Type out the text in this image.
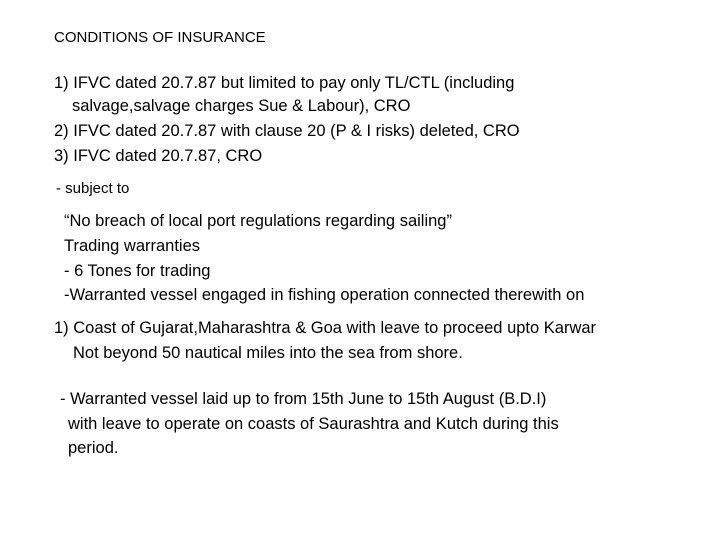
CONDITIONS OF INSURANCE
1) IFVC dated 20.7.87 but limited to pay only TL/CTL (including
salvage,salvage charges Sue & Labour), CRO
2) IFVC dated 20.7.87 with clause 20 (P & I risks) deleted, CRO
3) IFVC dated 20.7.87, CRO
- subject to
“No breach of local port regulations regarding sailing”
Trading warranties
- 6 Tones for trading
-Warranted vessel engaged in fishing operation connected therewith on
1) Coast of Gujarat,Maharashtra & Goa with leave to proceed upto Karwar
Not beyond 50 nautical miles into the sea from shore.
- Warranted vessel laid up to from 15th June to 15th August (B.D.I)
with leave to operate on coasts of Saurashtra and Kutch during this
period.
